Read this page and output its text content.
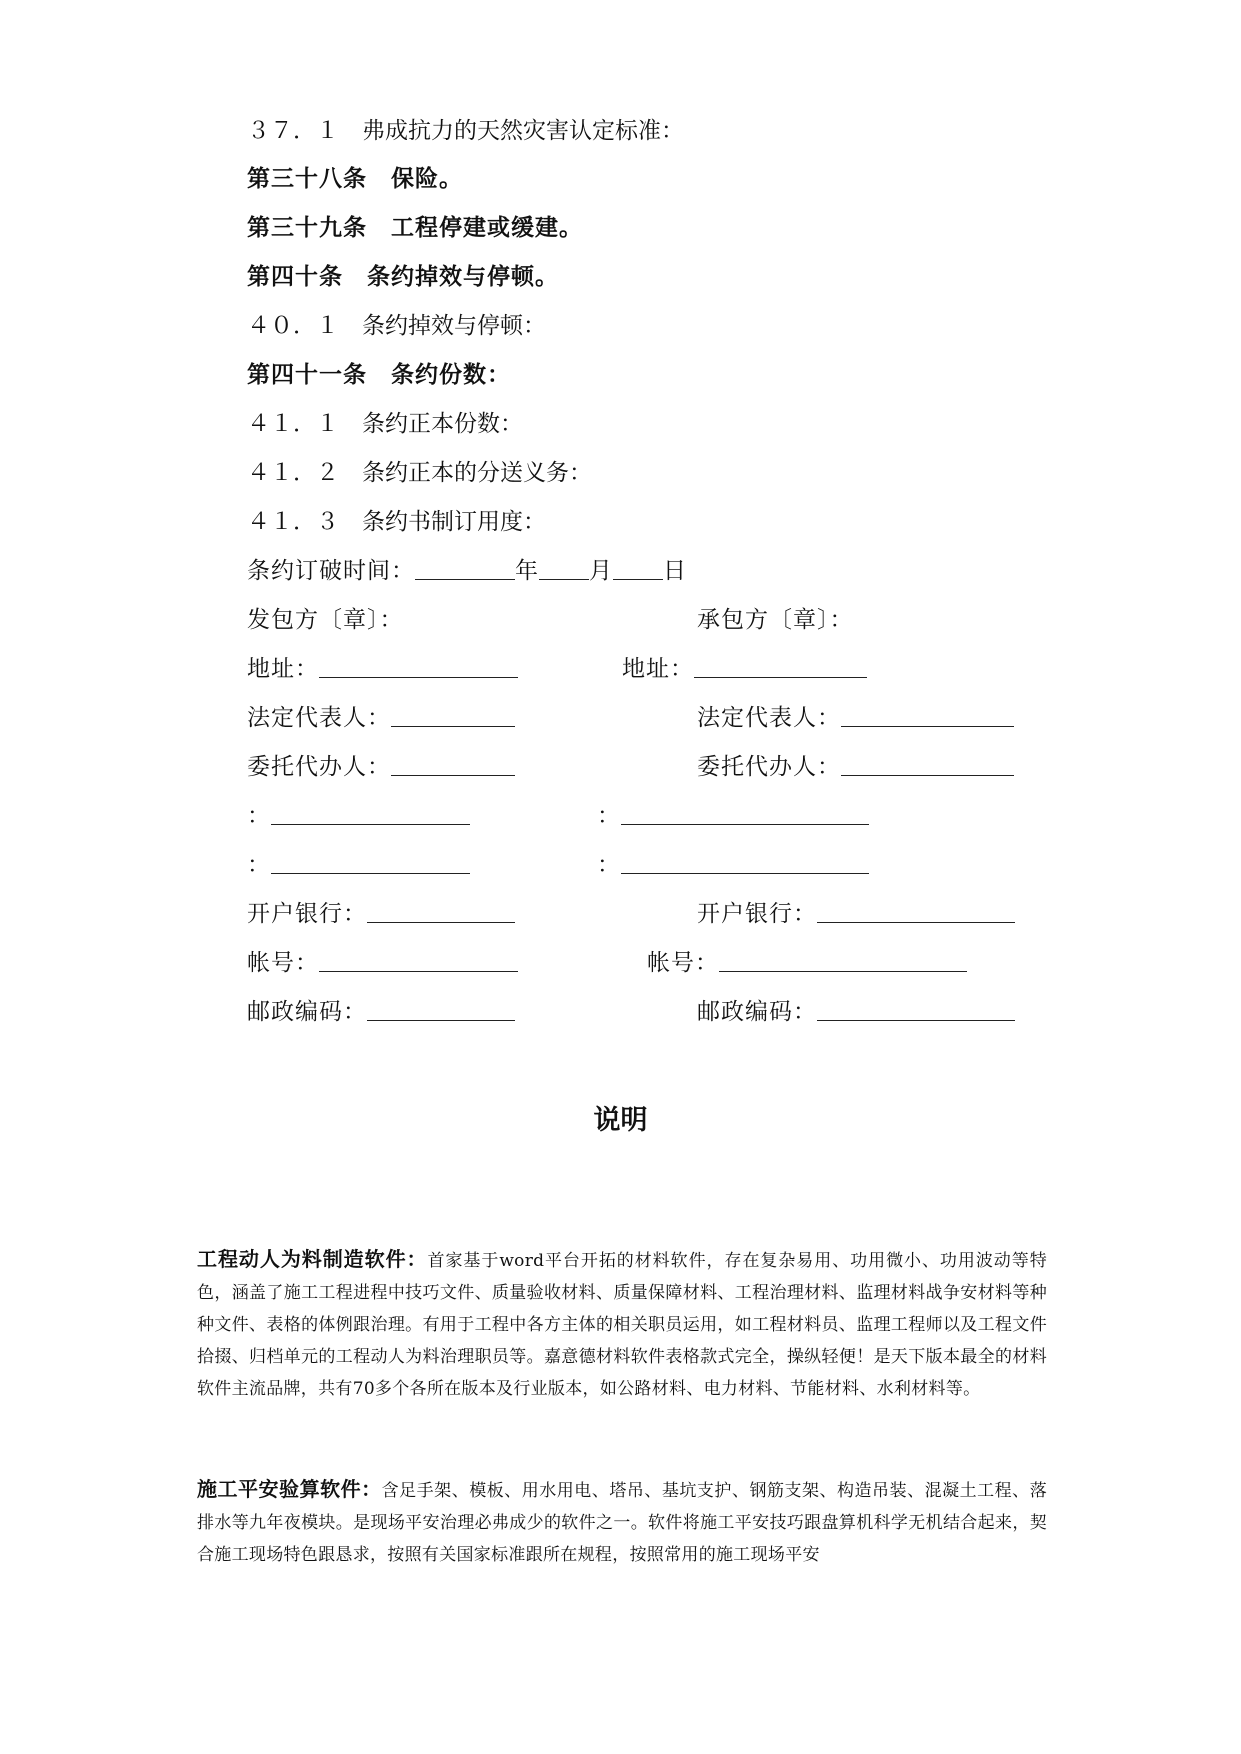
３７．１　弗成抗力的天然灾害认定标准：
第三十八条　保险。
第三十九条　工程停建或缓建。
第四十条　条约掉效与停顿。
４０．１　条约掉效与停顿：
第四十一条　条约份数：
４１．１　条约正本份数：
４１．２　条约正本的分送义务：
４１．３　条约书制订用度：
条约订破时间：	年 月 日
发包方〔章〕：	承包方〔章〕：
地址：	地址：
法定代表人：	法定代表人：
委托代办人：	委托代办人：
：	：
：	：
开户银行：	开户银行：
帐号：	帐号：
邮政编码：	邮政编码：
说明
工程动人为料制造软件：首家基于word平台开拓的材料软件，存在复杂易用、功用微小、功用波动等特色，涵盖了施工工程进程中技巧文件、质量验收材料、质量保障材料、工程治理材料、监理材料战争安材料等种种文件、表格的体例跟治理。有用于工程中各方主体的相关职员运用，如工程材料员、监理工程师以及工程文件拾掇、归档单元的工程动人为料治理职员等。嘉意德材料软件表格款式完全，操纵轻便！是天下版本最全的材料软件主流品牌，共有70多个各所在版本及行业版本，如公路材料、电力材料、节能材料、水利材料等。
施工平安验算软件：含足手架、模板、用水用电、塔吊、基坑支护、钢筋支架、构造吊装、混凝土工程、落排水等九年夜模块。是现场平安治理必弗成少的软件之一。软件将施工平安技巧跟盘算机科学无机结合起来，契合施工现场特色跟恳求，按照有关国家标准跟所在规程，按照常用的施工现场平安
